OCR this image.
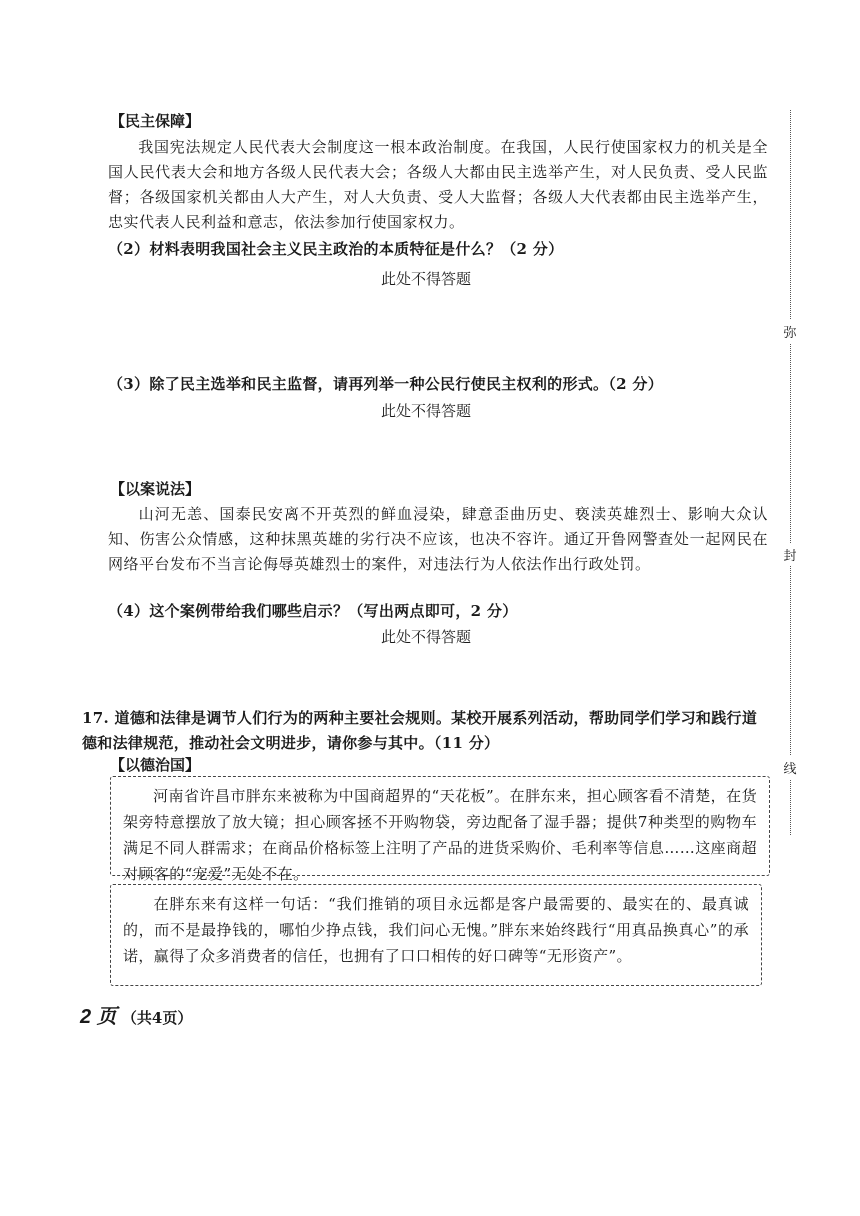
弥
封
线
【民主保障】
我国宪法规定人民代表大会制度这一根本政治制度。在我国，人民行使国家权力的机关是全国人民代表大会和地方各级人民代表大会；各级人大都由民主选举产生，对人民负责、受人民监督；各级国家机关都由人大产生，对人大负责、受人大监督；各级人大代表都由民主选举产生，忠实代表人民利益和意志，依法参加行使国家权力。
（2）材料表明我国社会主义民主政治的本质特征是什么？（2 分）
此处不得答题
（3）除了民主选举和民主监督，请再列举一种公民行使民主权利的形式。（2 分）
此处不得答题
【以案说法】
山河无恙、国泰民安离不开英烈的鲜血浸染，肆意歪曲历史、亵渎英雄烈士、影响大众认知、伤害公众情感，这种抹黑英雄的劣行决不应该，也决不容许。通辽开鲁网警查处一起网民在网络平台发布不当言论侮辱英雄烈士的案件，对违法行为人依法作出行政处罚。
（4）这个案例带给我们哪些启示？（写出两点即可，2 分）
此处不得答题
17. 道德和法律是调节人们行为的两种主要社会规则。某校开展系列活动，帮助同学们学习和践行道德和法律规范，推动社会文明进步，请你参与其中。（11 分）
【以德治国】
河南省许昌市胖东来被称为中国商超界的“天花板”。在胖东来，担心顾客看不清楚，在货架旁特意摆放了放大镜；担心顾客拯不开购物袋，旁边配备了湿手器；提供7种类型的购物车满足不同人群需求；在商品价格标签上注明了产品的进货采购价、毛利率等信息……这座商超对顾客的“宠爱”无处不在。
在胖东来有这样一句话：“我们推销的项目永远都是客户最需要的、最实在的、最真诚的，而不是最挣钱的，哪怕少挣点钱，我们问心无愧。”胖东来始终践行“用真品换真心”的承诺，赢得了众多消费者的信任，也拥有了口口相传的好口碑等“无形资产”。
2 页 （共4页）
